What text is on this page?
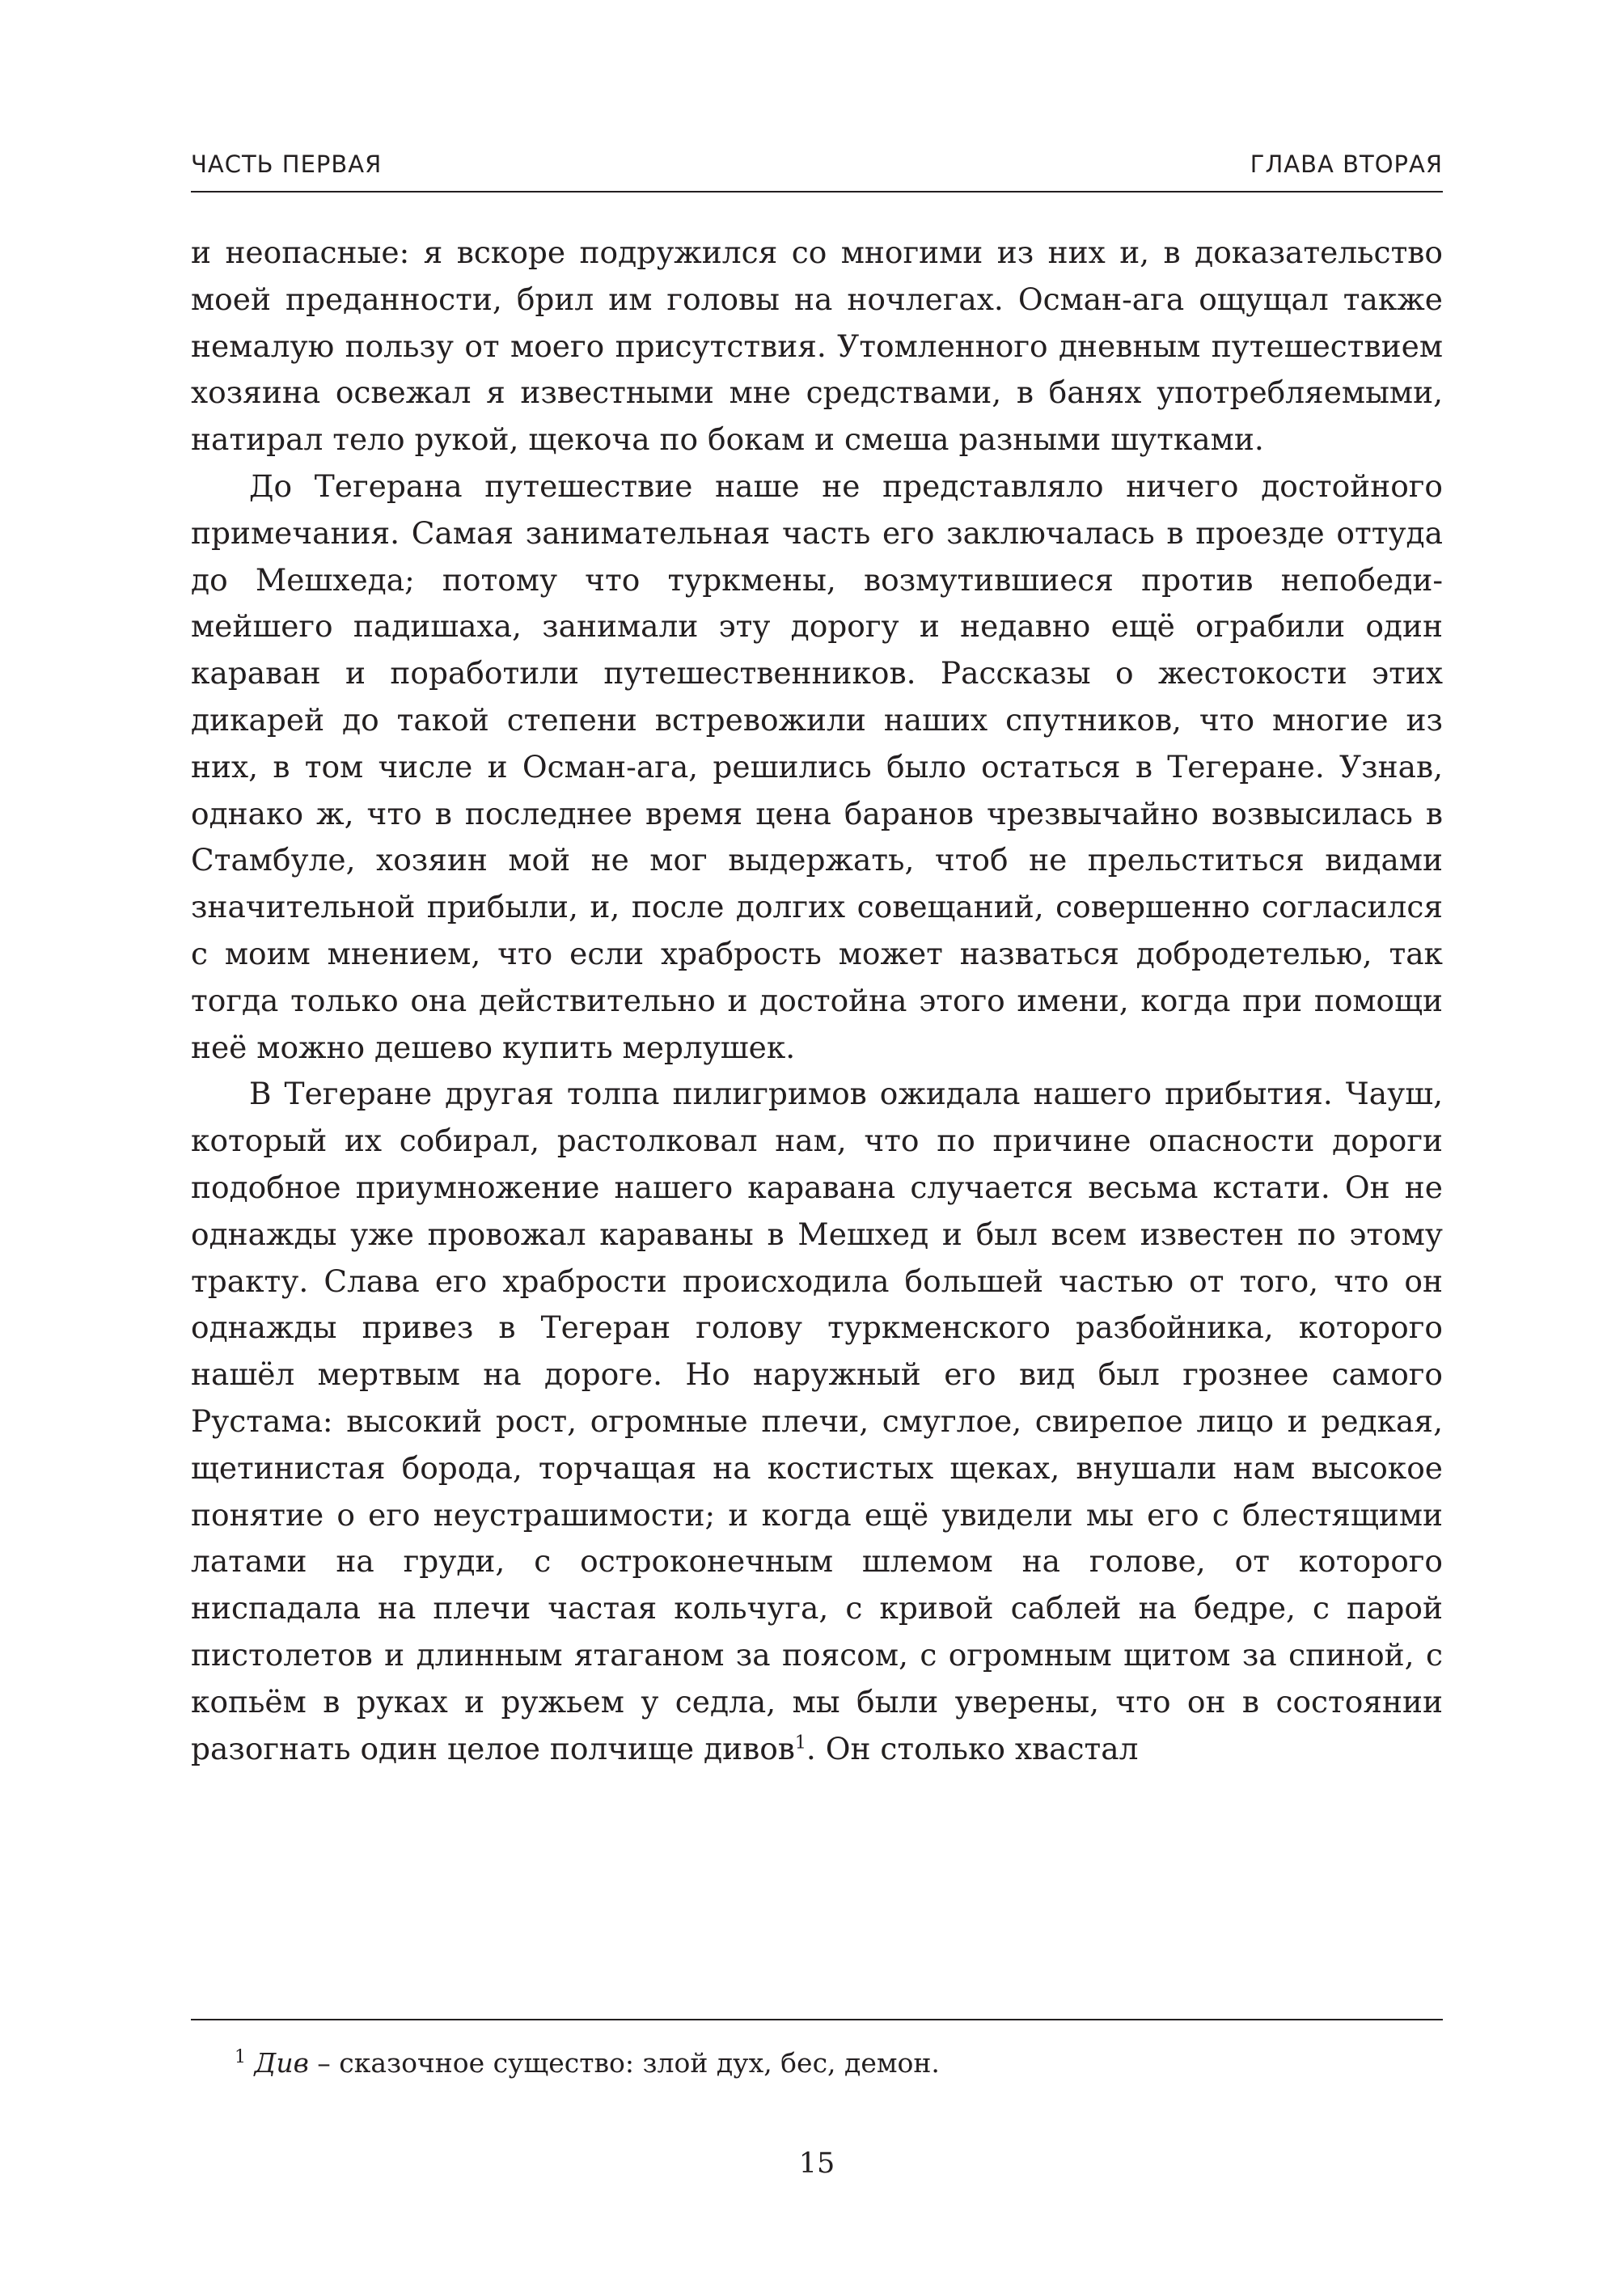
ЧАСТЬ ПЕРВАЯ	ГЛАВА ВТОРАЯ

и неопасные: я вскоре подружился со многими из них и, в доказательство моей преданности, брил им головы на ночлегах. Осман-ага ощущал также немалую пользу от моего присутствия. Утомленного дневным путешествием хозяина освежал я известными мне средствами, в банях употребляемыми, натирал тело рукой, щекоча по бокам и смеша разными шутками.

До Тегерана путешествие наше не представляло ничего достойного примечания. Самая занимательная часть его заключалась в проезде оттуда до Мешхеда; потому что туркмены, возмутившиеся против непобедимейшего падишаха, занимали эту дорогу и недавно ещё ограбили один караван и поработили путешественников. Рассказы о жестокости этих дикарей до такой степени встревожили наших спутников, что многие из них, в том числе и Осман-ага, решились было остаться в Тегеране. Узнав, однако ж, что в последнее время цена баранов чрезвычайно возвысилась в Стамбуле, хозяин мой не мог выдержать, чтоб не прельститься видами значительной прибыли, и, после долгих совещаний, совершенно согласился с моим мнением, что если храбрость может назваться добродетелью, так тогда только она действительно и достойна этого имени, когда при помощи неё можно дешево купить мерлушек.

В Тегеране другая толпа пилигримов ожидала нашего прибытия. Чауш, который их собирал, растолковал нам, что по причине опасности дороги подобное приумножение нашего каравана случается весьма кстати. Он не однажды уже провожал караваны в Мешхед и был всем известен по этому тракту. Слава его храбрости происходила большей частью от того, что он однажды привез в Тегеран голову туркменского разбойника, которого нашёл мертвым на дороге. Но наружный его вид был грознее самого Рустама: высокий рост, огромные плечи, смуглое, свирепое лицо и редкая, щетинистая борода, торчащая на костистых щеках, внушали нам высокое понятие о его неустрашимости; и когда ещё увидели мы его с блестящими латами на груди, с остроконечным шлемом на голове, от которого ниспадала на плечи частая кольчуга, с кривой саблей на бедре, с парой пистолетов и длинным ятаганом за поясом, с огромным щитом за спиной, с копьём в руках и ружьем у седла, мы были уверены, что он в состоянии разогнать один целое полчище дивов$^1$. Он столько хвастал

$^1$ Див – сказочное существо: злой дух, бес, демон.
15
